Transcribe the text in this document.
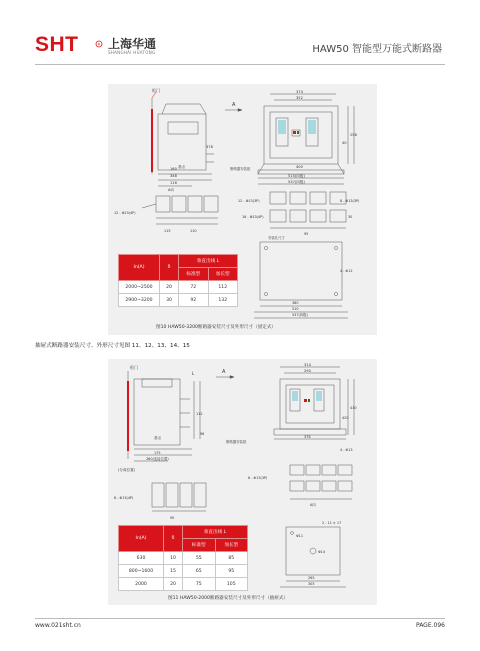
SHT	R 上海华通
SHANGHAI HUATONG	HAW50 智能型万能式断路器
柜门
A
基点
160
348
116
378
374
352
258
40
400
515(四极)
537(四极)
断路器安装框
A向
12 - Φ13(4P)
115	110
12 - Φ13(3P)	8 - Φ13(3P)
16 - Φ13(4P)
95
30
4 - Φ12
380
510
537(四极)
安装孔尺寸
In(A)	δ	垂直出线 L	
		标准型	加长型
2000~2500	20	72	112
2900~3200	30	92	132
图10 HAW50-3200断路器安装尺寸及外形尺寸（固定式）
抽屉式断路器安装尺寸、外形尺寸见图 11、12、13、14、15
柜门
A
L
基点
175
360(连接位置)
112
96
(分离位置)
314
290
410
420
376
断路器安装框
4 - Φ13
8 - Φ13(4P)
6 - Φ13(3P)
90
A向
2 - 11 × 17
Φ14
Φ11
265
305
In(A)	δ	垂直出线 L	
		标准型	加长型
630	10	55	85
800~1600	15	65	95
2000	20	75	105
图11 HAW50-2000断路器安装尺寸及外形尺寸（抽屉式）
www.021sht.cn	PAGE.096
